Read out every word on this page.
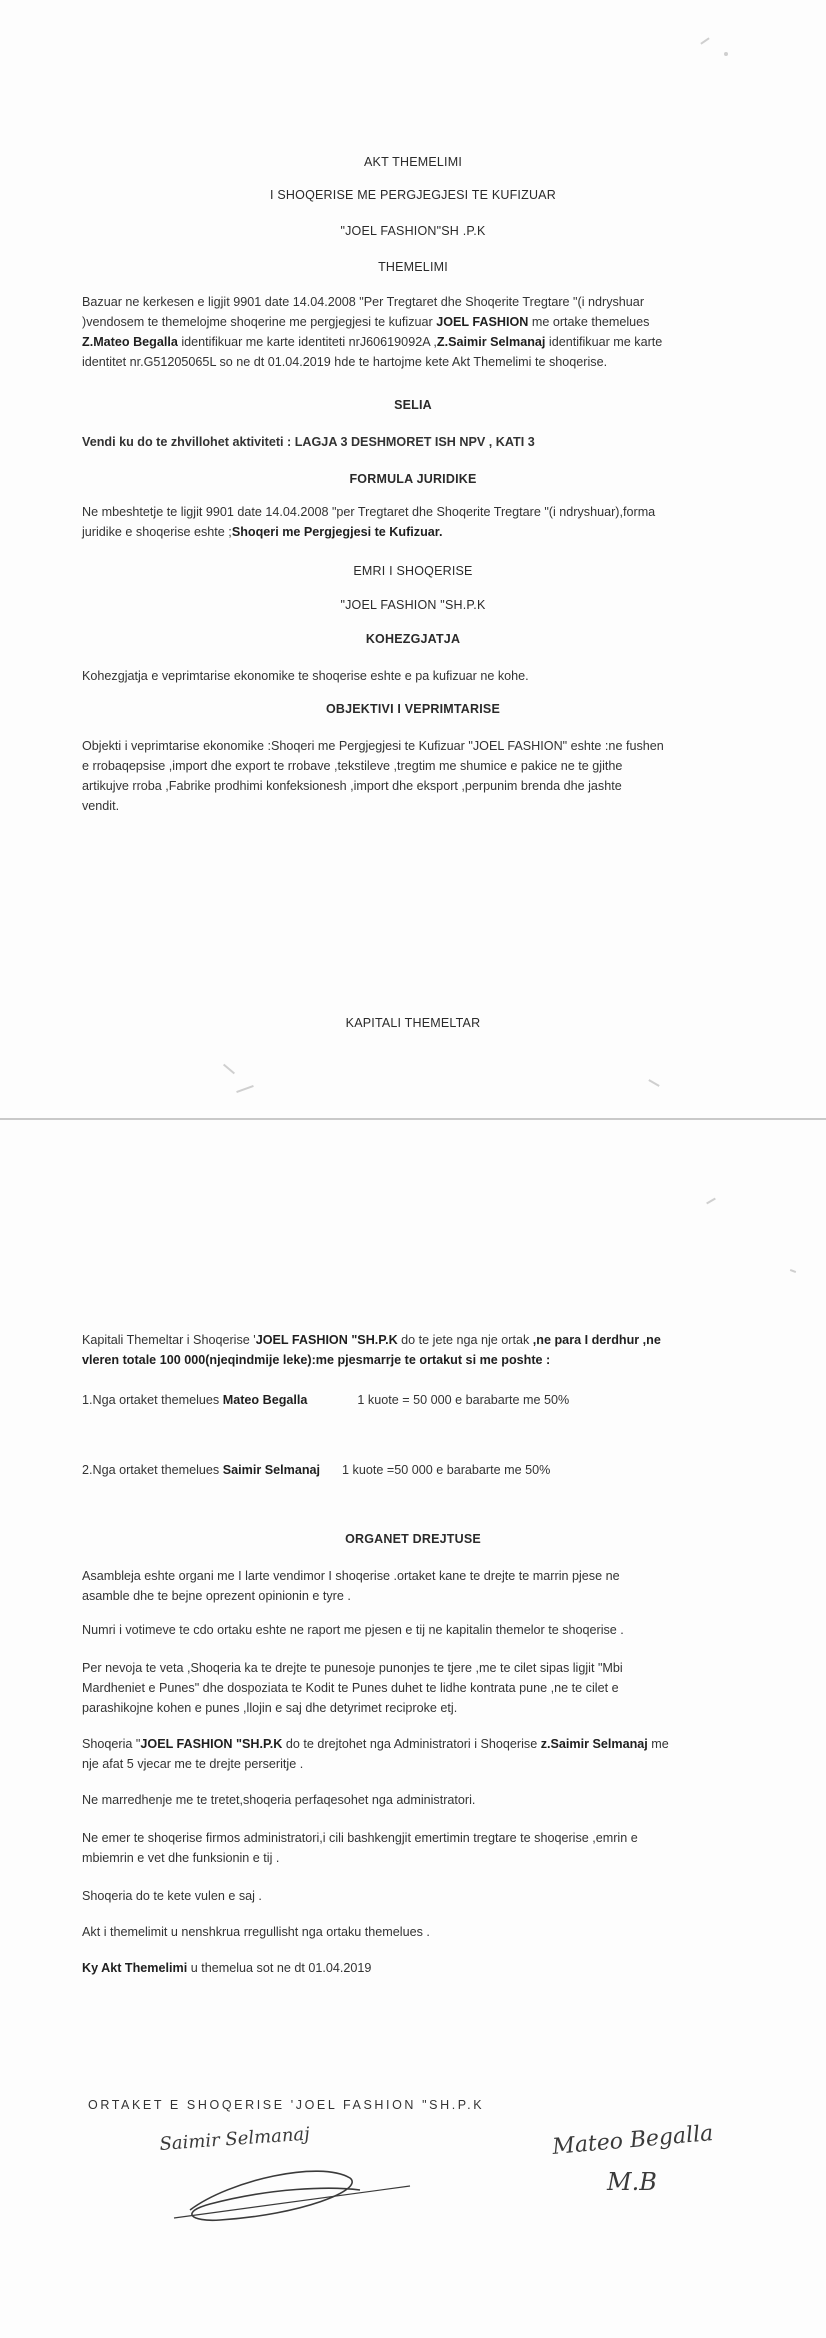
AKT THEMELIMI
I SHOQERISE ME PERGJEGJESI TE KUFIZUAR
"JOEL FASHION"SH .P.K
THEMELIMI
Bazuar ne kerkesen e ligjit 9901 date 14.04.2008 "Per Tregtaret dhe Shoqerite Tregtare "(i ndryshuar
)vendosem te themelojme shoqerine me pergjegjesi te kufizuar JOEL FASHION me ortake themelues
Z.Mateo Begalla identifikuar me karte identiteti nrJ60619092A ,Z.Saimir Selmanaj identifikuar me karte
identitet nr.G51205065L so ne dt 01.04.2019 hde te hartojme kete Akt Themelimi te shoqerise.
SELIA
Vendi ku do te zhvillohet aktiviteti : LAGJA 3 DESHMORET ISH NPV , KATI 3
FORMULA JURIDIKE
Ne mbeshtetje te ligjit 9901 date 14.04.2008 "per Tregtaret dhe Shoqerite Tregtare "(i ndryshuar),forma
juridike e shoqerise eshte ;Shoqeri me Pergjegjesi te Kufizuar.
EMRI I SHOQERISE
"JOEL FASHION "SH.P.K
KOHEZGJATJA
Kohezgjatja e veprimtarise ekonomike te shoqerise eshte e pa kufizuar ne kohe.
OBJEKTIVI I VEPRIMTARISE
Objekti i veprimtarise ekonomike :Shoqeri me Pergjegjesi te Kufizuar "JOEL FASHION" eshte :ne fushen
e rrobaqepsise ,import dhe export te rrobave ,tekstileve ,tregtim me shumice e pakice ne te gjithe
artikujve rroba ,Fabrike prodhimi konfeksionesh ,import dhe eksport ,perpunim brenda dhe jashte
vendit.
KAPITALI THEMELTAR
Kapitali Themeltar i Shoqerise 'JOEL FASHION "SH.P.K do te jete nga nje ortak ,ne para I derdhur ,ne
vleren totale 100 000(njeqindmije leke):me pjesmarrje te ortakut si me poshte :
1.Nga ortaket themelues Mateo Begalla	1 kuote = 50 000 e barabarte me 50%
2.Nga ortaket themelues Saimir Selmanaj 1 kuote =50 000 e barabarte me 50%
ORGANET DREJTUSE
Asambleja eshte organi me I larte vendimor I shoqerise .ortaket kane te drejte te marrin pjese ne
asamble dhe te bejne oprezent opinionin e tyre .
Numri i votimeve te cdo ortaku eshte ne raport me pjesen e tij ne kapitalin themelor te shoqerise .
Per nevoja te veta ,Shoqeria ka te drejte te punesoje punonjes te tjere ,me te cilet sipas ligjit "Mbi
Mardheniet e Punes" dhe dospoziata te Kodit te Punes duhet te lidhe kontrata pune ,ne te cilet e
parashikojne kohen e punes ,llojin e saj dhe detyrimet reciproke etj.
Shoqeria "JOEL FASHION "SH.P.K do te drejtohet nga Administratori i Shoqerise z.Saimir Selmanaj me
nje afat 5 vjecar me te drejte perseritje .
Ne marredhenje me te tretet,shoqeria perfaqesohet nga administratori.
Ne emer te shoqerise firmos administratori,i cili bashkengjit emertimin tregtare te shoqerise ,emrin e
mbiemrin e vet dhe funksionin e tij .
Shoqeria do te kete vulen e saj .
Akt i themelimit u nenshkrua rregullisht nga ortaku themelues .
Ky Akt Themelimi u themelua sot ne dt 01.04.2019
ORTAKET E SHOQERISE 'JOEL FASHION "SH.P.K
Saimir Selmanaj	Mateo Begalla
M.B
